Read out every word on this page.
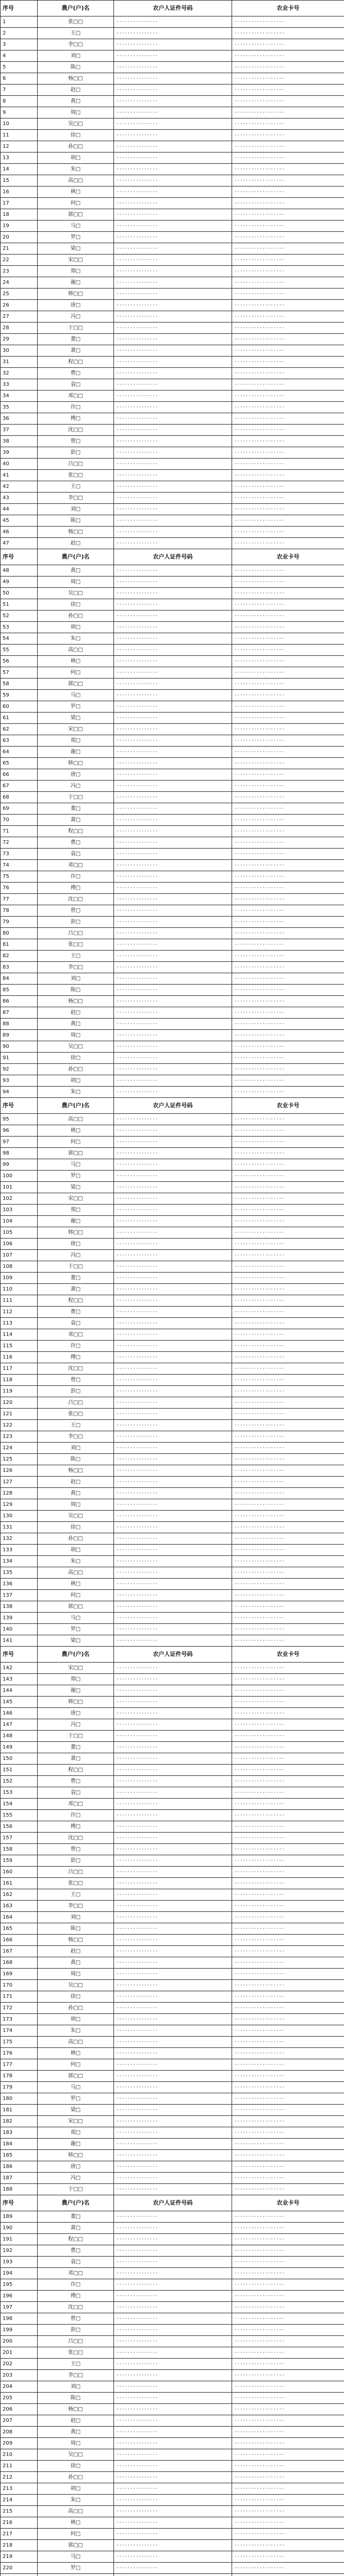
序号	農户(户)名	农户人证件号码	农业卡号
1	张□□	···············	··················
2	王□	···············	··················
3	李□□	···············	··················
4	刘□	···············	··················
5	陈□	···············	··················
6	杨□□	···············	··················
7	赵□	···············	··················
8	黄□	···············	··················
9	周□	···············	··················
10	吴□□	···············	··················
11	徐□	···············	··················
12	孙□□	···············	··················
13	胡□	···············	··················
14	朱□	···············	··················
15	高□□	···············	··················
16	林□	···············	··················
17	何□	···············	··················
18	郭□□	···············	··················
19	马□	···············	··················
20	罗□	···············	··················
21	梁□	···············	··················
22	宋□□	···············	··················
23	郑□	···············	··················
24	谢□	···············	··················
25	韩□□	···············	··················
26	唐□	···············	··················
27	冯□	···············	··················
28	于□□	···············	··················
29	董□	···············	··················
30	萧□	···············	··················
31	程□□	···············	··················
32	曹□	···············	··················
33	袁□	···············	··················
34	邓□□	···············	··················
35	许□	···············	··················
36	傅□	···············	··················
37	沈□□	···············	··················
38	曾□	···············	··················
39	彭□	···············	··················
40	吕□□	···············	··················
41	张□□	···············	··················
42	王□	···············	··················
43	李□□	···············	··················
44	刘□	···············	··················
45	陈□	···············	··················
46	杨□□	···············	··················
47	赵□	···············	··················
序号	農户(户)名	农户人证件号码	农业卡号
48	黄□	···············	··················
49	周□	···············	··················
50	吴□□	···············	··················
51	徐□	···············	··················
52	孙□□	···············	··················
53	胡□	···············	··················
54	朱□	···············	··················
55	高□□	···············	··················
56	林□	···············	··················
57	何□	···············	··················
58	郭□□	···············	··················
59	马□	···············	··················
60	罗□	···············	··················
61	梁□	···············	··················
62	宋□□	···············	··················
63	郑□	···············	··················
64	谢□	···············	··················
65	韩□□	···············	··················
66	唐□	···············	··················
67	冯□	···············	··················
68	于□□	···············	··················
69	董□	···············	··················
70	萧□	···············	··················
71	程□□	···············	··················
72	曹□	···············	··················
73	袁□	···············	··················
74	邓□□	···············	··················
75	许□	···············	··················
76	傅□	···············	··················
77	沈□□	···············	··················
78	曾□	···············	··················
79	彭□	···············	··················
80	吕□□	···············	··················
81	张□□	···············	··················
82	王□	···············	··················
83	李□□	···············	··················
84	刘□	···············	··················
85	陈□	···············	··················
86	杨□□	···············	··················
87	赵□	···············	··················
88	黄□	···············	··················
89	周□	···············	··················
90	吴□□	···············	··················
91	徐□	···············	··················
92	孙□□	···············	··················
93	胡□	···············	··················
94	朱□	···············	··················
序号	農户(户)名	农户人证件号码	农业卡号
95	高□□	···············	··················
96	林□	···············	··················
97	何□	···············	··················
98	郭□□	···············	··················
99	马□	···············	··················
100	罗□	···············	··················
101	梁□	···············	··················
102	宋□□	···············	··················
103	郑□	···············	··················
104	谢□	···············	··················
105	韩□□	···············	··················
106	唐□	···············	··················
107	冯□	···············	··················
108	于□□	···············	··················
109	董□	···············	··················
110	萧□	···············	··················
111	程□□	···············	··················
112	曹□	···············	··················
113	袁□	···············	··················
114	邓□□	···············	··················
115	许□	···············	··················
116	傅□	···············	··················
117	沈□□	···············	··················
118	曾□	···············	··················
119	彭□	···············	··················
120	吕□□	···············	··················
121	张□□	···············	··················
122	王□	···············	··················
123	李□□	···············	··················
124	刘□	···············	··················
125	陈□	···············	··················
126	杨□□	···············	··················
127	赵□	···············	··················
128	黄□	···············	··················
129	周□	···············	··················
130	吴□□	···············	··················
131	徐□	···············	··················
132	孙□□	···············	··················
133	胡□	···············	··················
134	朱□	···············	··················
135	高□□	···············	··················
136	林□	···············	··················
137	何□	···············	··················
138	郭□□	···············	··················
139	马□	···············	··················
140	罗□	···············	··················
141	梁□	···············	··················
序号	農户(户)名	农户人证件号码	农业卡号
142	宋□□	···············	··················
143	郑□	···············	··················
144	谢□	···············	··················
145	韩□□	···············	··················
146	唐□	···············	··················
147	冯□	···············	··················
148	于□□	···············	··················
149	董□	···············	··················
150	萧□	···············	··················
151	程□□	···············	··················
152	曹□	···············	··················
153	袁□	···············	··················
154	邓□□	···············	··················
155	许□	···············	··················
156	傅□	···············	··················
157	沈□□	···············	··················
158	曾□	···············	··················
159	彭□	···············	··················
160	吕□□	···············	··················
161	张□□	···············	··················
162	王□	···············	··················
163	李□□	···············	··················
164	刘□	···············	··················
165	陈□	···············	··················
166	杨□□	···············	··················
167	赵□	···············	··················
168	黄□	···············	··················
169	周□	···············	··················
170	吴□□	···············	··················
171	徐□	···············	··················
172	孙□□	···············	··················
173	胡□	···············	··················
174	朱□	···············	··················
175	高□□	···············	··················
176	林□	···············	··················
177	何□	···············	··················
178	郭□□	···············	··················
179	马□	···············	··················
180	罗□	···············	··················
181	梁□	···············	··················
182	宋□□	···············	··················
183	郑□	···············	··················
184	谢□	···············	··················
185	韩□□	···············	··················
186	唐□	···············	··················
187	冯□	···············	··················
188	于□□	···············	··················
序号	農户(户)名	农户人证件号码	农业卡号
189	董□	···············	··················
190	萧□	···············	··················
191	程□□	···············	··················
192	曹□	···············	··················
193	袁□	···············	··················
194	邓□□	···············	··················
195	许□	···············	··················
196	傅□	···············	··················
197	沈□□	···············	··················
198	曾□	···············	··················
199	彭□	···············	··················
200	吕□□	···············	··················
201	张□□	···············	··················
202	王□	···············	··················
203	李□□	···············	··················
204	刘□	···············	··················
205	陈□	···············	··················
206	杨□□	···············	··················
207	赵□	···············	··················
208	黄□	···············	··················
209	周□	···············	··················
210	吴□□	···············	··················
211	徐□	···············	··················
212	孙□□	···············	··················
213	胡□	···············	··················
214	朱□	···············	··················
215	高□□	···············	··················
216	林□	···············	··················
217	何□	···············	··················
218	郭□□	···············	··················
219	马□	···············	··················
220	罗□	···············	··················
